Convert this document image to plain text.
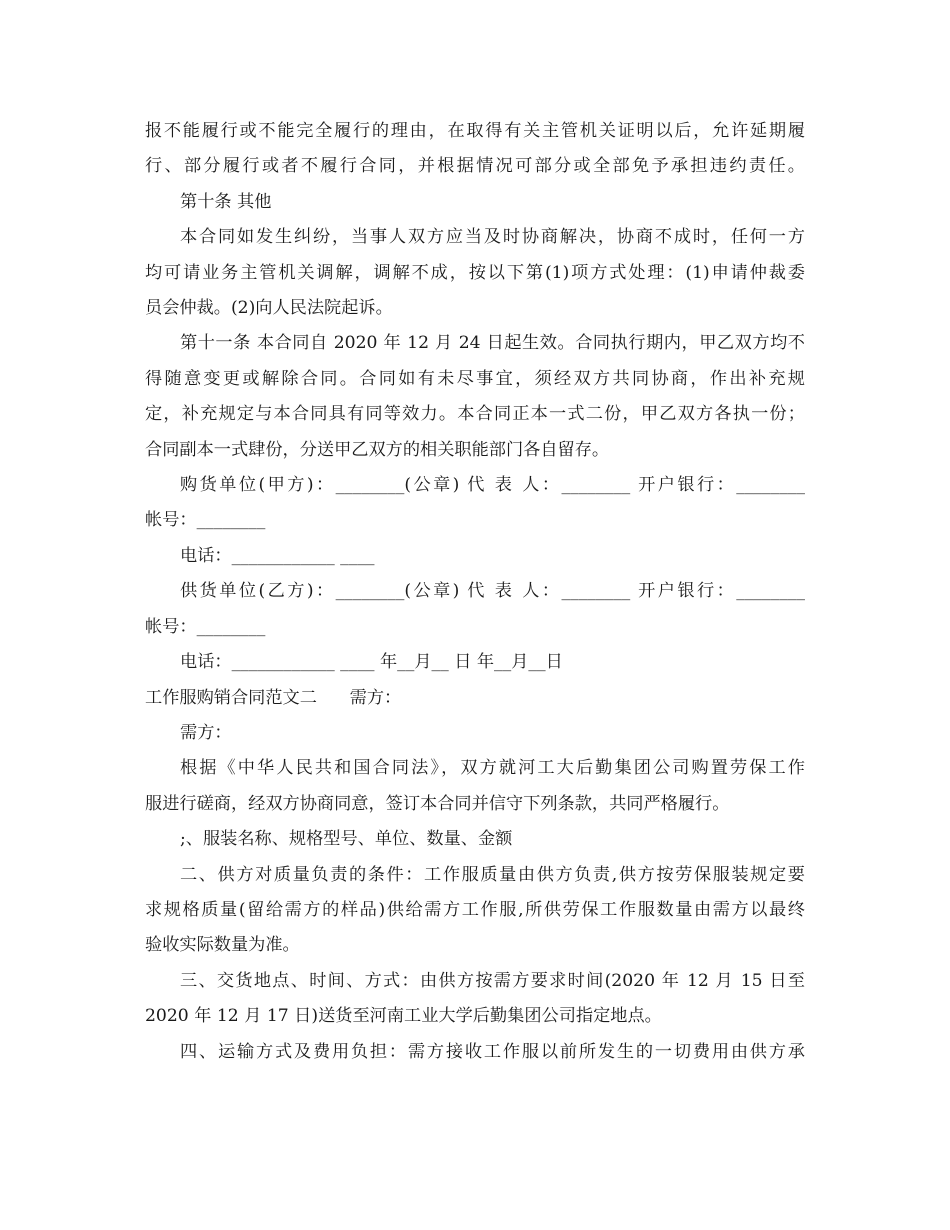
报不能履行或不能完全履行的理由，在取得有关主管机关证明以后，允许延期履

行、部分履行或者不履行合同，并根据情况可部分或全部免予承担违约责任。

第十条 其他

本合同如发生纠纷，当事人双方应当及时协商解决，协商不成时，任何一方

均可请业务主管机关调解，调解不成，按以下第(1)项方式处理：(1)申请仲裁委

员会仲裁。(2)向人民法院起诉。

第十一条 本合同自 2020 年 12 月 24 日起生效。合同执行期内，甲乙双方均不

得随意变更或解除合同。合同如有未尽事宜，须经双方共同协商，作出补充规

定，补充规定与本合同具有同等效力。本合同正本一式二份，甲乙双方各执一份；

合同副本一式肆份，分送甲乙双方的相关职能部门各自留存。

购货单位(甲方)：________(公章) 代 表 人：________ 开户银行：________

帐号：________

电话：____________ ____

供货单位(乙方)：________(公章) 代 表 人：________ 开户银行：________

帐号：________

电话：____________ ____ 年__月__ 日 年__月__日

工作服购销合同范文二      需方：

需方：

根据《中华人民共和国合同法》，双方就河工大后勤集团公司购置劳保工作

服进行磋商，经双方协商同意，签订本合同并信守下列条款，共同严格履行。

;、服装名称、规格型号、单位、数量、金额

二、供方对质量负责的条件：工作服质量由供方负责,供方按劳保服装规定要

求规格质量(留给需方的样品)供给需方工作服,所供劳保工作服数量由需方以最终

验收实际数量为准。

三、交货地点、时间、方式：由供方按需方要求时间(2020 年 12 月 15 日至

2020 年 12 月 17 日)送货至河南工业大学后勤集团公司指定地点。

四、运输方式及费用负担：需方接收工作服以前所发生的一切费用由供方承
